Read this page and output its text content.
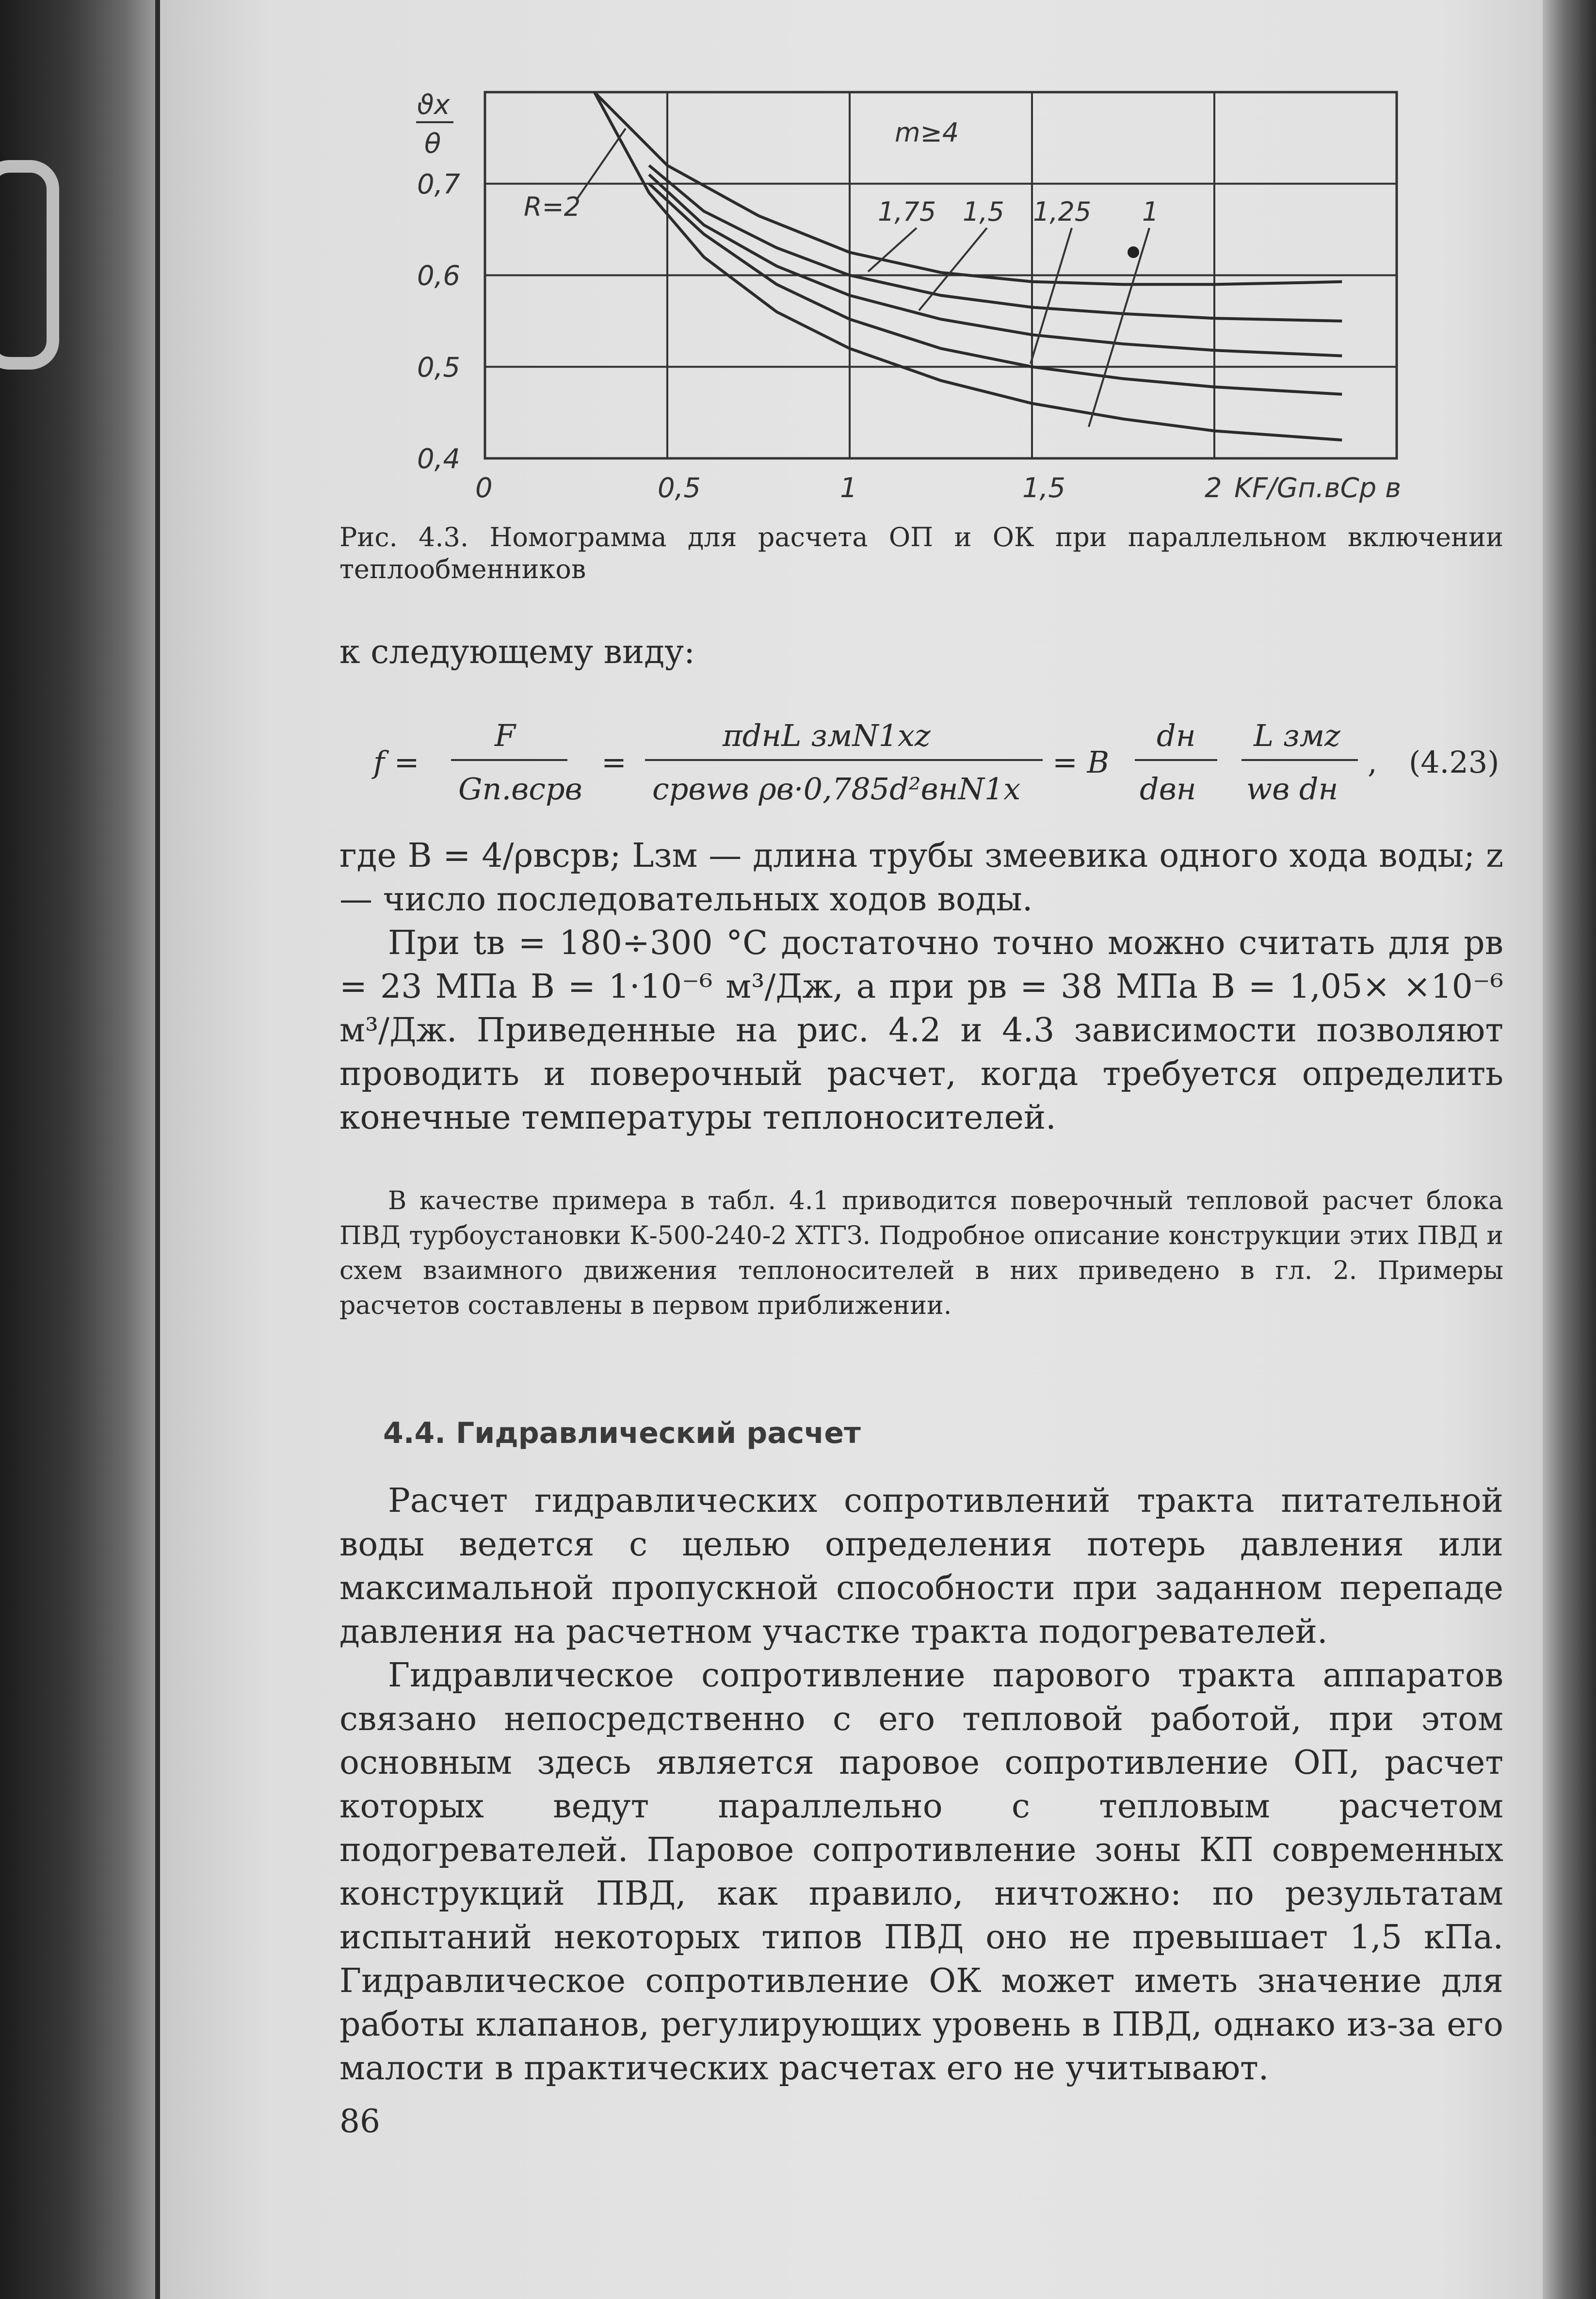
0,7
0,6
0,5
0,4
0	0,5	1	1,5	2
ϑx
θ
KF/Gп.вCр в
R=2
m≥4
1,75 1,5 1,25 1
Рис. 4.3. Номограмма для расчета ОП и ОК при параллельном включении теплообменников

к следующему виду:

f =
F
Gп.вcрв
=
πdнL змN1xz
cрвwв ρв·0,785d²внN1x
= B
dн
dвн
L змz
wв dн
, (4.23)

где B = 4/ρвcрв; Lзм — длина трубы змеевика одного хода воды; z — число последовательных ходов воды.

При tв = 180÷300 °С достаточно точно можно считать для pв = 23 МПа B = 1·10⁻⁶ м³/Дж, а при pв = 38 МПа B = 1,05× ×10⁻⁶ м³/Дж. Приведенные на рис. 4.2 и 4.3 зависимости позволяют проводить и поверочный расчет, когда требуется определить конечные температуры теплоносителей.

В качестве примера в табл. 4.1 приводится поверочный тепловой расчет блока ПВД турбоустановки К-500-240-2 ХТГЗ. Подробное описание конструкции этих ПВД и схем взаимного движения теплоносителей в них приведено в гл. 2. Примеры расчетов составлены в первом приближении.

4.4. Гидравлический расчет

Расчет гидравлических сопротивлений тракта питательной воды ведется с целью определения потерь давления или максимальной пропускной способности при заданном перепаде давления на расчетном участке тракта подогревателей.

Гидравлическое сопротивление парового тракта аппаратов связано непосредственно с его тепловой работой, при этом основным здесь является паровое сопротивление ОП, расчет которых ведут параллельно с тепловым расчетом подогревателей. Паровое сопротивление зоны КП современных конструкций ПВД, как правило, ничтожно: по результатам испытаний некоторых типов ПВД оно не превышает 1,5 кПа. Гидравлическое сопротивление ОК может иметь значение для работы клапанов, регулирующих уровень в ПВД, однако из-за его малости в практических расчетах его не учитывают.

86
